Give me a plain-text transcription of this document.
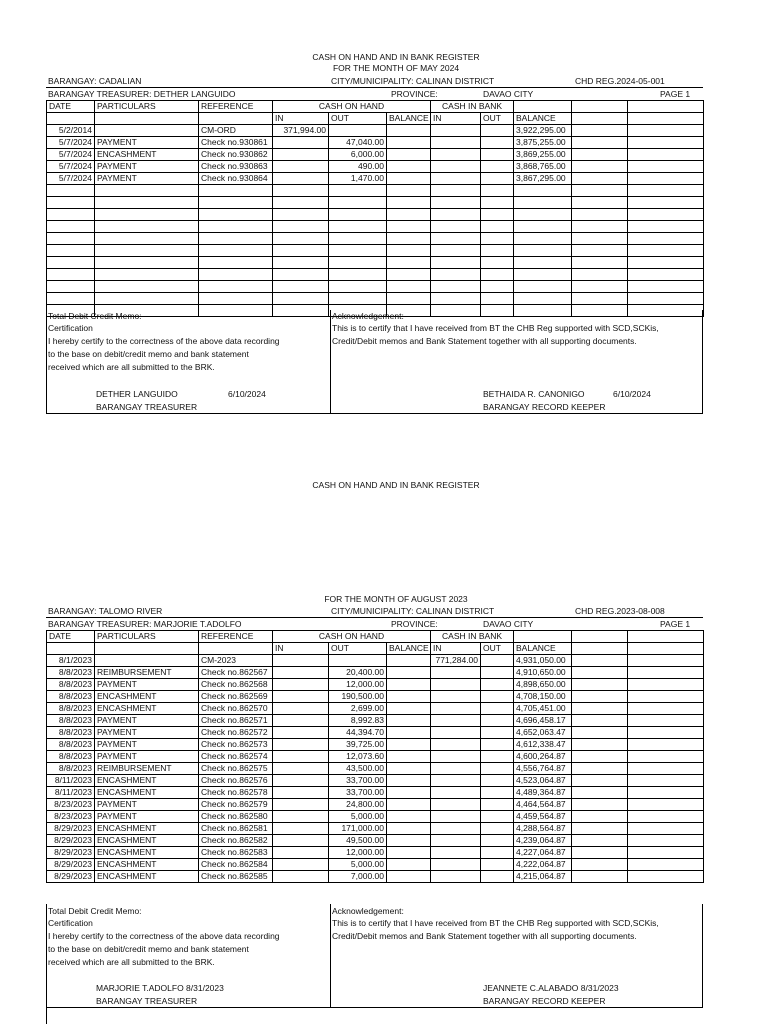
CASH ON HAND AND IN BANK REGISTER
FOR THE MONTH OF MAY 2024
BARANGAY: CADALIAN	CITY/MUNICIPALITY: CALINAN DISTRICT	CHD REG.2024-05-001
BARANGAY TREASURER: DETHER LANGUIDO	PROVINCE:	DAVAO CITY	PAGE 1
DATE	PARTICULARS	REFERENCE	CASH ON HAND			CASH IN BANK				
			IN	OUT	BALANCE	IN	OUT	BALANCE		
5/2/2014		CM-ORD	371,994.00					3,922,295.00		
5/7/2024	PAYMENT	Check no.930861		47,040.00				3,875,255.00		
5/7/2024	ENCASHMENT	Check no.930862		6,000.00				3,869,255.00		
5/7/2024	PAYMENT	Check no.930863		490.00				3,868,765.00		
5/7/2024	PAYMENT	Check no.930864		1,470.00				3,867,295.00		

Total Debit Credit Memo:
Certification
I hereby certify to the correctness of the above data recording
to the base on debit/credit memo and bank statement
received which are all submitted to the BRK.
Acknowledgement:
This is to certify that I have received from BT the CHB Reg supported with SCD,SCKis,
Credit/Debit memos and Bank Statement together with all supporting documents.
DETHER LANGUIDO	6/10/2024
BARANGAY TREASURER
BETHAIDA R. CANONIGO	6/10/2024
BARANGAY RECORD KEEPER
CASH ON HAND AND IN BANK REGISTER
FOR THE MONTH OF AUGUST 2023
BARANGAY: TALOMO RIVER	CITY/MUNICIPALITY: CALINAN DISTRICT	CHD REG.2023-08-008
BARANGAY TREASURER: MARJORIE T.ADOLFO	PROVINCE:	DAVAO CITY	PAGE 1
DATE	PARTICULARS	REFERENCE	CASH ON HAND			CASH IN BANK				
			IN	OUT	BALANCE	IN	OUT	BALANCE		
8/1/2023		CM-2023				771,284.00		4,931,050.00		
8/8/2023	REIMBURSEMENT	Check no.862567		20,400.00				4,910,650.00		
8/8/2023	PAYMENT	Check no.862568		12,000.00				4,898,650.00		
8/8/2023	ENCASHMENT	Check no.862569		190,500.00				4,708,150.00		
8/8/2023	ENCASHMENT	Check no.862570		2,699.00				4,705,451.00		
8/8/2023	PAYMENT	Check no.862571		8,992.83				4,696,458.17		
8/8/2023	PAYMENT	Check no.862572		44,394.70				4,652,063.47		
8/8/2023	PAYMENT	Check no.862573		39,725.00				4,612,338.47		
8/8/2023	PAYMENT	Check no.862574		12,073.60				4,600,264.87		
8/8/2023	REIMBURSEMENT	Check no.862575		43,500.00				4,556,764.87		
8/11/2023	ENCASHMENT	Check no.862576		33,700.00				4,523,064.87		
8/11/2023	ENCASHMENT	Check no.862578		33,700.00				4,489,364.87		
8/23/2023	PAYMENT	Check no.862579		24,800.00				4,464,564.87		
8/23/2023	PAYMENT	Check no.862580		5,000.00				4,459,564.87		
8/29/2023	ENCASHMENT	Check no.862581		171,000.00				4,288,564.87		
8/29/2023	ENCASHMENT	Check no.862582		49,500.00				4,239,064.87		
8/29/2023	ENCASHMENT	Check no.862583		12,000.00				4,227,064.87		
8/29/2023	ENCASHMENT	Check no.862584		5,000.00				4,222,064.87		
8/29/2023	ENCASHMENT	Check no.862585		7,000.00				4,215,064.87		
Total Debit Credit Memo:
Certification
I hereby certify to the correctness of the above data recording
to the base on debit/credit memo and bank statement
received which are all submitted to the BRK.
Acknowledgement:
This is to certify that I have received from BT the CHB Reg supported with SCD,SCKis,
Credit/Debit memos and Bank Statement together with all supporting documents.
MARJORIE T.ADOLFO 8/31/2023
BARANGAY TREASURER
JEANNETE C.ALABADO 8/31/2023
BARANGAY RECORD KEEPER
